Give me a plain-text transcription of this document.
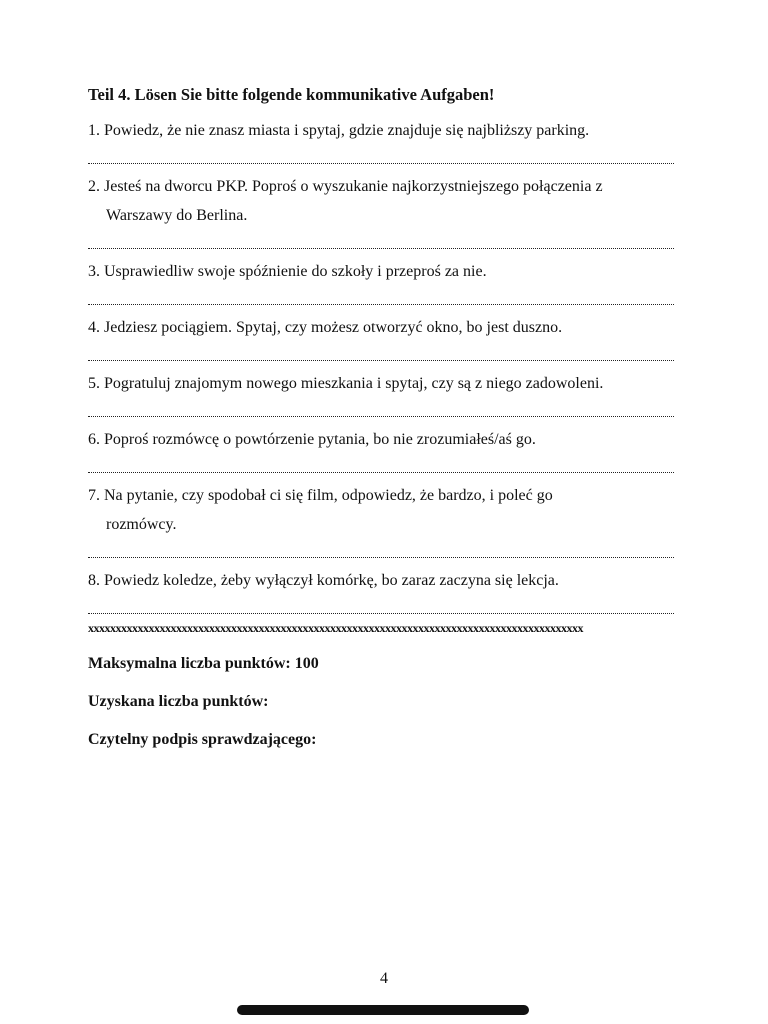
Teil 4. Lösen Sie bitte folgende kommunikative Aufgaben!
1. Powiedz, że nie znasz miasta i spytaj, gdzie znajduje się najbliższy parking.
2. Jesteś na dworcu PKP. Poproś o wyszukanie najkorzystniejszego połączenia z
Warszawy do Berlina.
3. Usprawiedliw swoje spóźnienie do szkoły i przeproś za nie.
4. Jedziesz pociągiem. Spytaj, czy możesz otworzyć okno, bo jest duszno.
5. Pogratuluj znajomym nowego mieszkania i spytaj, czy są z niego zadowoleni.
6. Poproś rozmówcę o powtórzenie pytania, bo nie zrozumiałeś/aś go.
7. Na pytanie, czy spodobał ci się film, odpowiedz, że bardzo, i poleć go
rozmówcy.
8. Powiedz koledze, żeby wyłączył komórkę, bo zaraz zaczyna się lekcja.
xxxxxxxxxxxxxxxxxxxxxxxxxxxxxxxxxxxxxxxxxxxxxxxxxxxxxxxxxxxxxxxxxxxxxxxxxxxxxxxxxxxxxxxxxx

Maksymalna liczba punktów: 100

Uzyskana liczba punktów:

Czytelny podpis sprawdzającego:

4
